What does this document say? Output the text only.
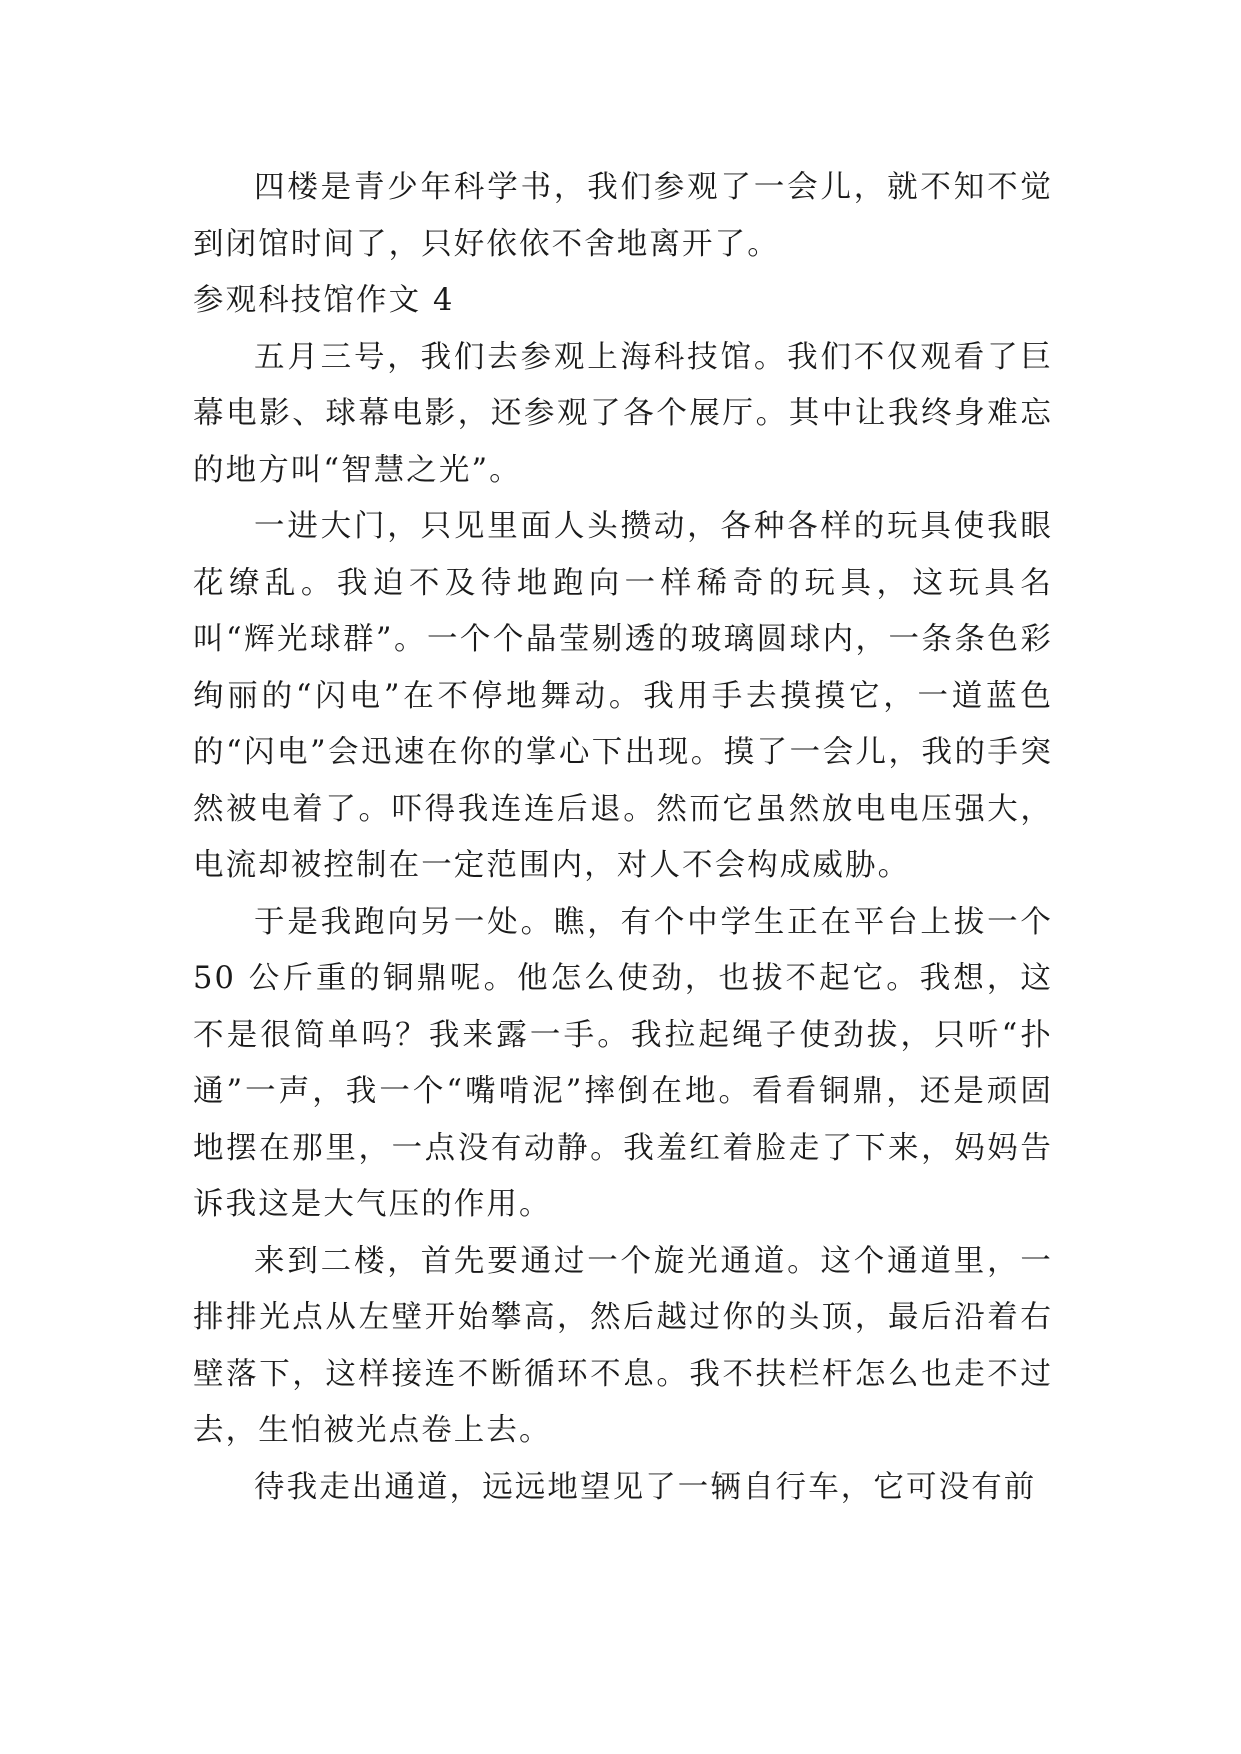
四楼是青少年科学书，我们参观了一会儿，就不知不觉到闭馆时间了，只好依依不舍地离开了。

参观科技馆作文 4

五月三号，我们去参观上海科技馆。我们不仅观看了巨幕电影、球幕电影，还参观了各个展厅。其中让我终身难忘的地方叫“智慧之光”。

一进大门，只见里面人头攒动，各种各样的玩具使我眼花缭乱。我迫不及待地跑向一样稀奇的玩具，这玩具名叫“辉光球群”。一个个晶莹剔透的玻璃圆球内，一条条色彩绚丽的“闪电”在不停地舞动。我用手去摸摸它，一道蓝色的“闪电”会迅速在你的掌心下出现。摸了一会儿，我的手突然被电着了。吓得我连连后退。然而它虽然放电电压强大，电流却被控制在一定范围内，对人不会构成威胁。

于是我跑向另一处。瞧，有个中学生正在平台上拔一个 50 公斤重的铜鼎呢。他怎么使劲，也拔不起它。我想，这不是很简单吗？我来露一手。我拉起绳子使劲拔，只听“扑通”一声，我一个“嘴啃泥”摔倒在地。看看铜鼎，还是顽固地摆在那里，一点没有动静。我羞红着脸走了下来，妈妈告诉我这是大气压的作用。

来到二楼，首先要通过一个旋光通道。这个通道里，一排排光点从左壁开始攀高，然后越过你的头顶，最后沿着右壁落下，这样接连不断循环不息。我不扶栏杆怎么也走不过去，生怕被光点卷上去。

待我走出通道，远远地望见了一辆自行车，它可没有前
